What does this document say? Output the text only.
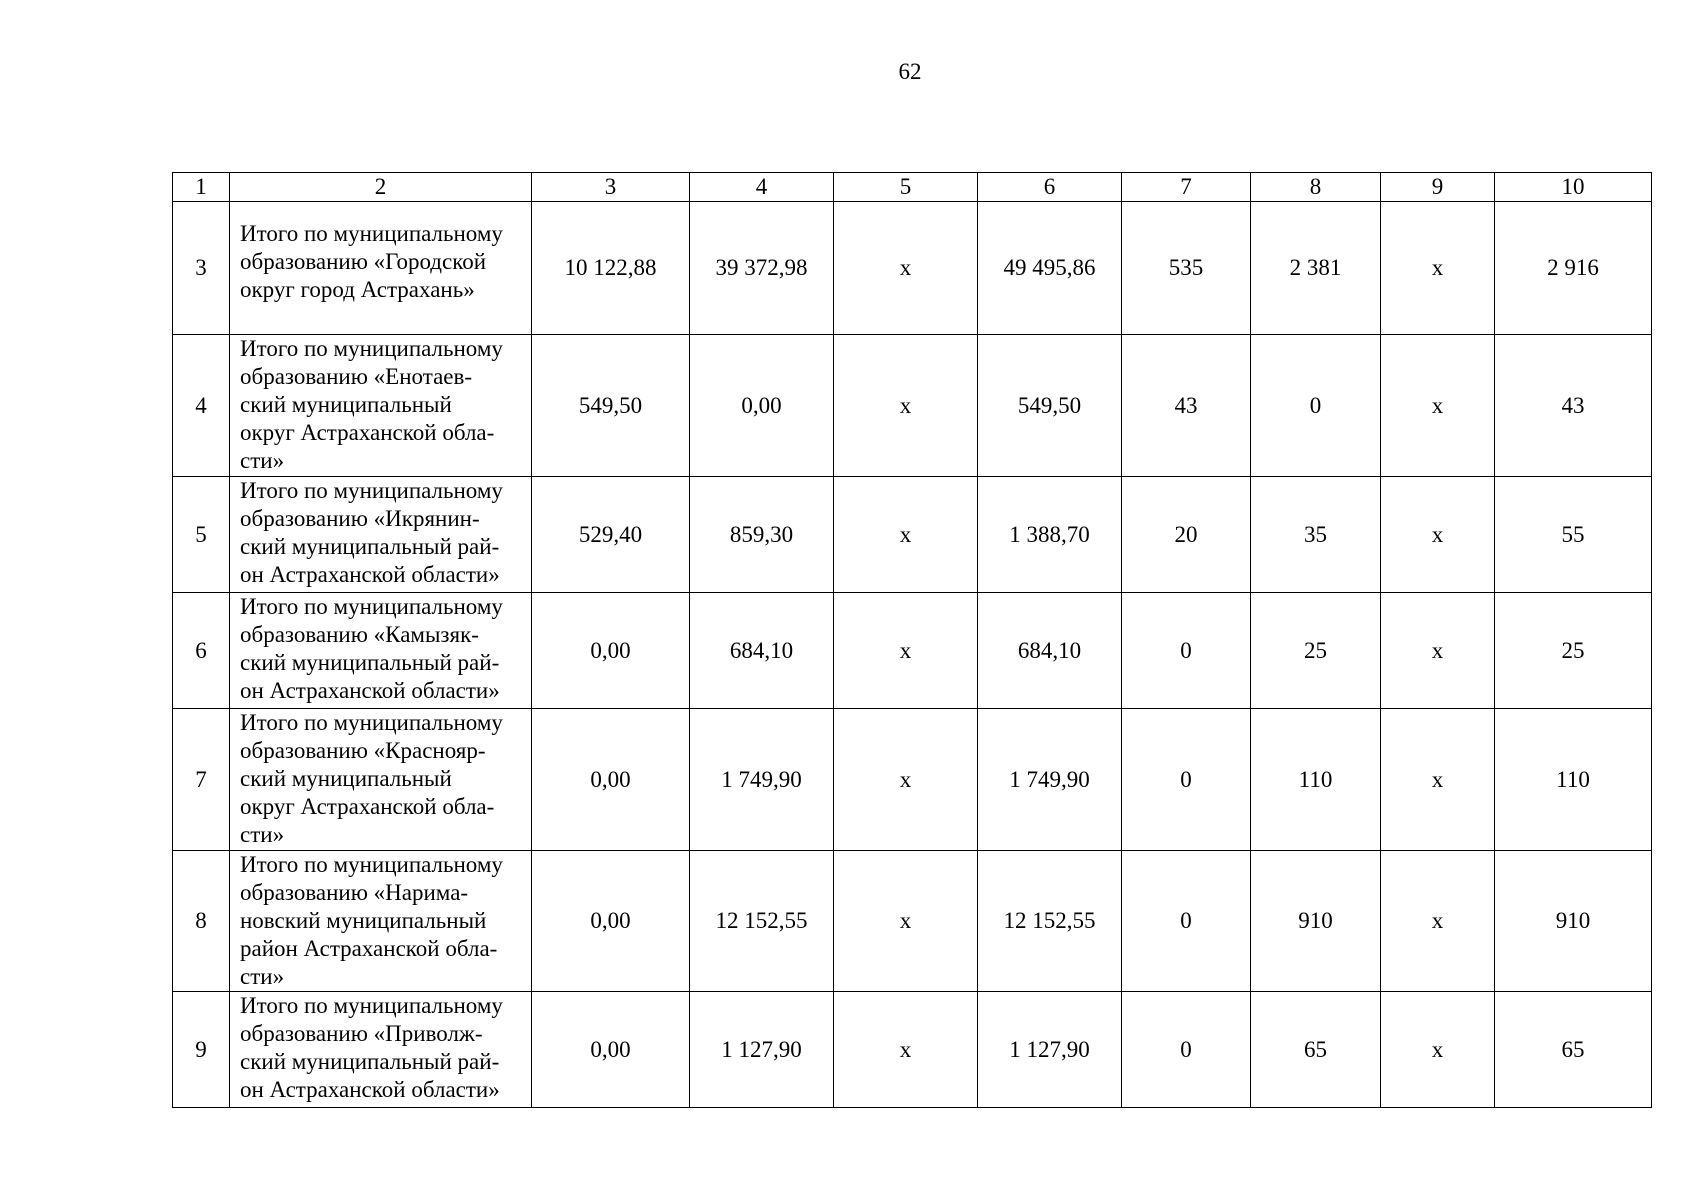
62
1	2	3	4	5	6	7	8	9	10
3	Итого по муниципальному
образованию «Городской
округ город Астрахань»	10 122,88	39 372,98	х	49 495,86	535	2 381	х	2 916
4	Итого по муниципальному
образованию «Енотаев-
ский муниципальный
округ Астраханской обла-
сти»	549,50	0,00	х	549,50	43	0	х	43
5	Итого по муниципальному
образованию «Икрянин-
ский муниципальный рай-
он Астраханской области»	529,40	859,30	х	1 388,70	20	35	х	55
6	Итого по муниципальному
образованию «Камызяк-
ский муниципальный рай-
он Астраханской области»	0,00	684,10	х	684,10	0	25	х	25
7	Итого по муниципальному
образованию «Краснояр-
ский муниципальный
округ Астраханской обла-
сти»	0,00	1 749,90	х	1 749,90	0	110	х	110
8	Итого по муниципальному
образованию «Нарима-
новский муниципальный
район Астраханской обла-
сти»	0,00	12 152,55	х	12 152,55	0	910	х	910
9	Итого по муниципальному
образованию «Приволж-
ский муниципальный рай-
он Астраханской области»	0,00	1 127,90	х	1 127,90	0	65	х	65
